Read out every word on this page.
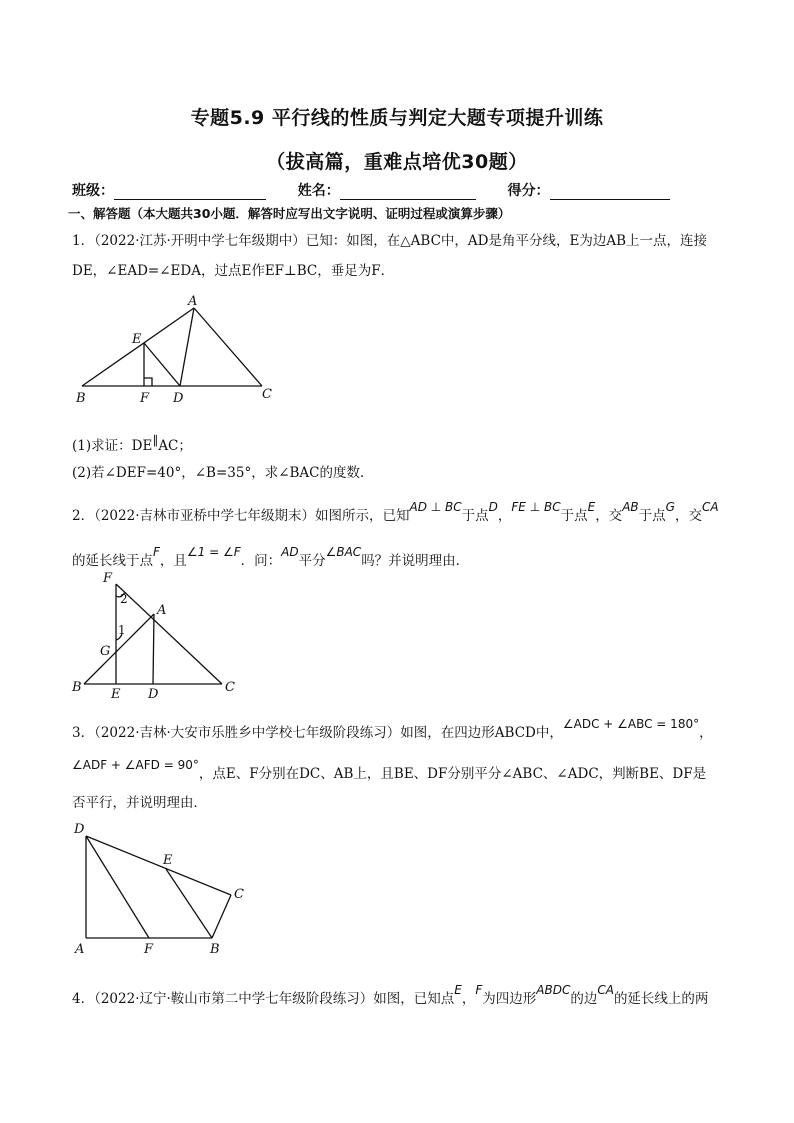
专题5.9 平行线的性质与判定大题专项提升训练
（拔高篇，重难点培优30题）
班级：	姓名：	得分：
一、解答题（本大题共30小题．解答时应写出文字说明、证明过程或演算步骤）
1．（2022·江苏·开明中学七年级期中）已知：如图，在△ABC中，AD是角平分线，E为边AB上一点，连接
DE，∠EAD=∠EDA，过点E作EF⊥BC，垂足为F．
A
E
B	F D	C
(1)求证：DE∥AC；
(2)若∠DEF=40°，∠B=35°，求∠BAC的度数．
2．（2022·吉林市亚桥中学七年级期末）如图所示，已知AD ⊥ BC于点D，FE ⊥ BC于点E，交AB于点G，交CA
的延长线于点F，且∠1 = ∠F．问：AD平分∠BAC吗？并说明理由．
F
2
A
1
G
B E D	C
3．（2022·吉林·大安市乐胜乡中学校七年级阶段练习）如图，在四边形ABCD中，∠ADC + ∠ABC = 180°，
∠ADF + ∠AFD = 90°，点E、F分别在DC、AB上，且BE、DF分别平分∠ABC、∠ADC，判断BE、DF是
否平行，并说明理由．
D
E
C
A	F	B
4．（2022·辽宁·鞍山市第二中学七年级阶段练习）如图，已知点E，F为四边形ABDC的边CA的延长线上的两
